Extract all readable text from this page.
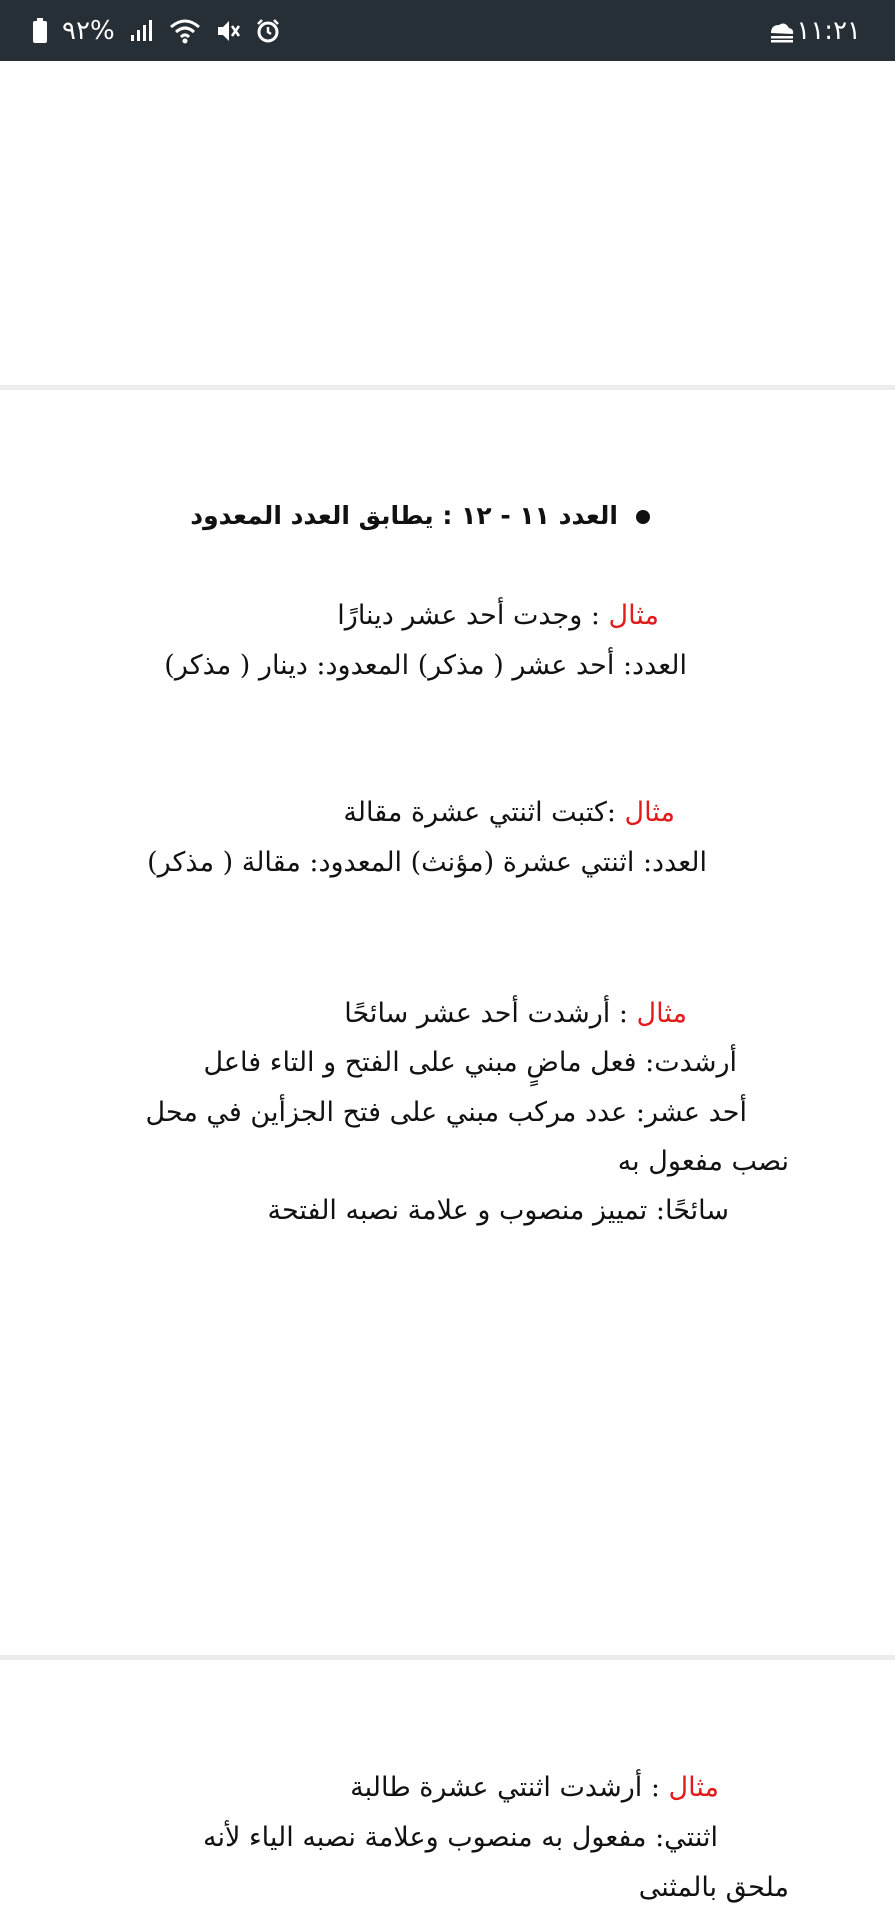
١١:٢١
%٩٢
العدد ١١ - ١٢ : يطابق العدد المعدود
مثال : وجدت أحد عشر دينارًا
العدد: أحد عشر ( مذكر) المعدود: دينار ( مذكر)
مثال :كتبت اثنتي عشرة مقالة
العدد: اثنتي عشرة (مؤنث) المعدود: مقالة ( مذكر)
مثال : أرشدت أحد عشر سائحًا
أرشدت: فعل ماضٍ مبني على الفتح و التاء فاعل
أحد عشر: عدد مركب مبني على فتح الجزأين في محل
نصب مفعول به
سائحًا: تمييز منصوب و علامة نصبه الفتحة
مثال : أرشدت اثنتي عشرة طالبة
اثنتي: مفعول به منصوب وعلامة نصبه الياء لأنه
ملحق بالمثنى
